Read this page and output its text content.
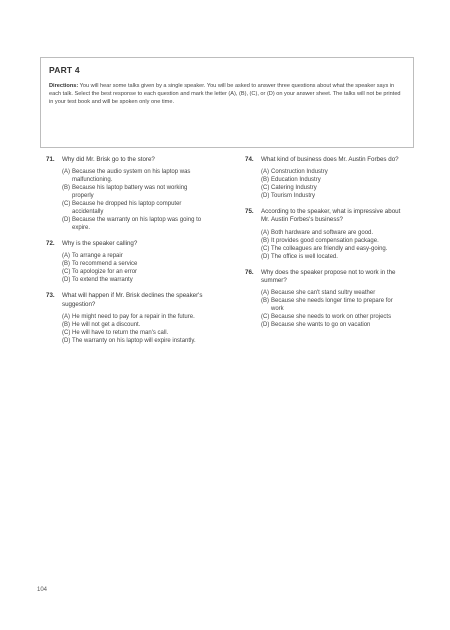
PART 4
Directions: You will hear some talks given by a single speaker. You will be asked to answer three questions about what the speaker says in each talk. Select the best response to each question and mark the letter (A), (B), (C), or (D) on your answer sheet. The talks will not be printed in your test book and will be spoken only one time.
71. Why did Mr. Brisk go to the store?
(A) Because the audio system on his laptop was malfunctioning.
(B) Because his laptop battery was not working properly
(C) Because he dropped his laptop computer accidentally
(D) Because the warranty on his laptop was going to expire.
72. Why is the speaker calling?
(A) To arrange a repair
(B) To recommend a service
(C) To apologize for an error
(D) To extend the warranty
73. What will happen if Mr. Brisk declines the speaker's suggestion?
(A) He might need to pay for a repair in the future.
(B) He will not get a discount.
(C) He will have to return the man's call.
(D) The warranty on his laptop will expire instantly.
74. What kind of business does Mr. Austin Forbes do?
(A) Construction Industry
(B) Education Industry
(C) Catering Industry
(D) Tourism Industry
75. According to the speaker, what is impressive about Mr. Austin Forbes's business?
(A) Both hardware and software are good.
(B) It provides good compensation package.
(C) The colleagues are friendly and easy-going.
(D) The office is well located.
76. Why does the speaker propose not to work in the summer?
(A) Because she can't stand sultry weather
(B) Because she needs longer time to prepare for work
(C) Because she needs to work on other projects
(D) Because she wants to go on vacation
104
